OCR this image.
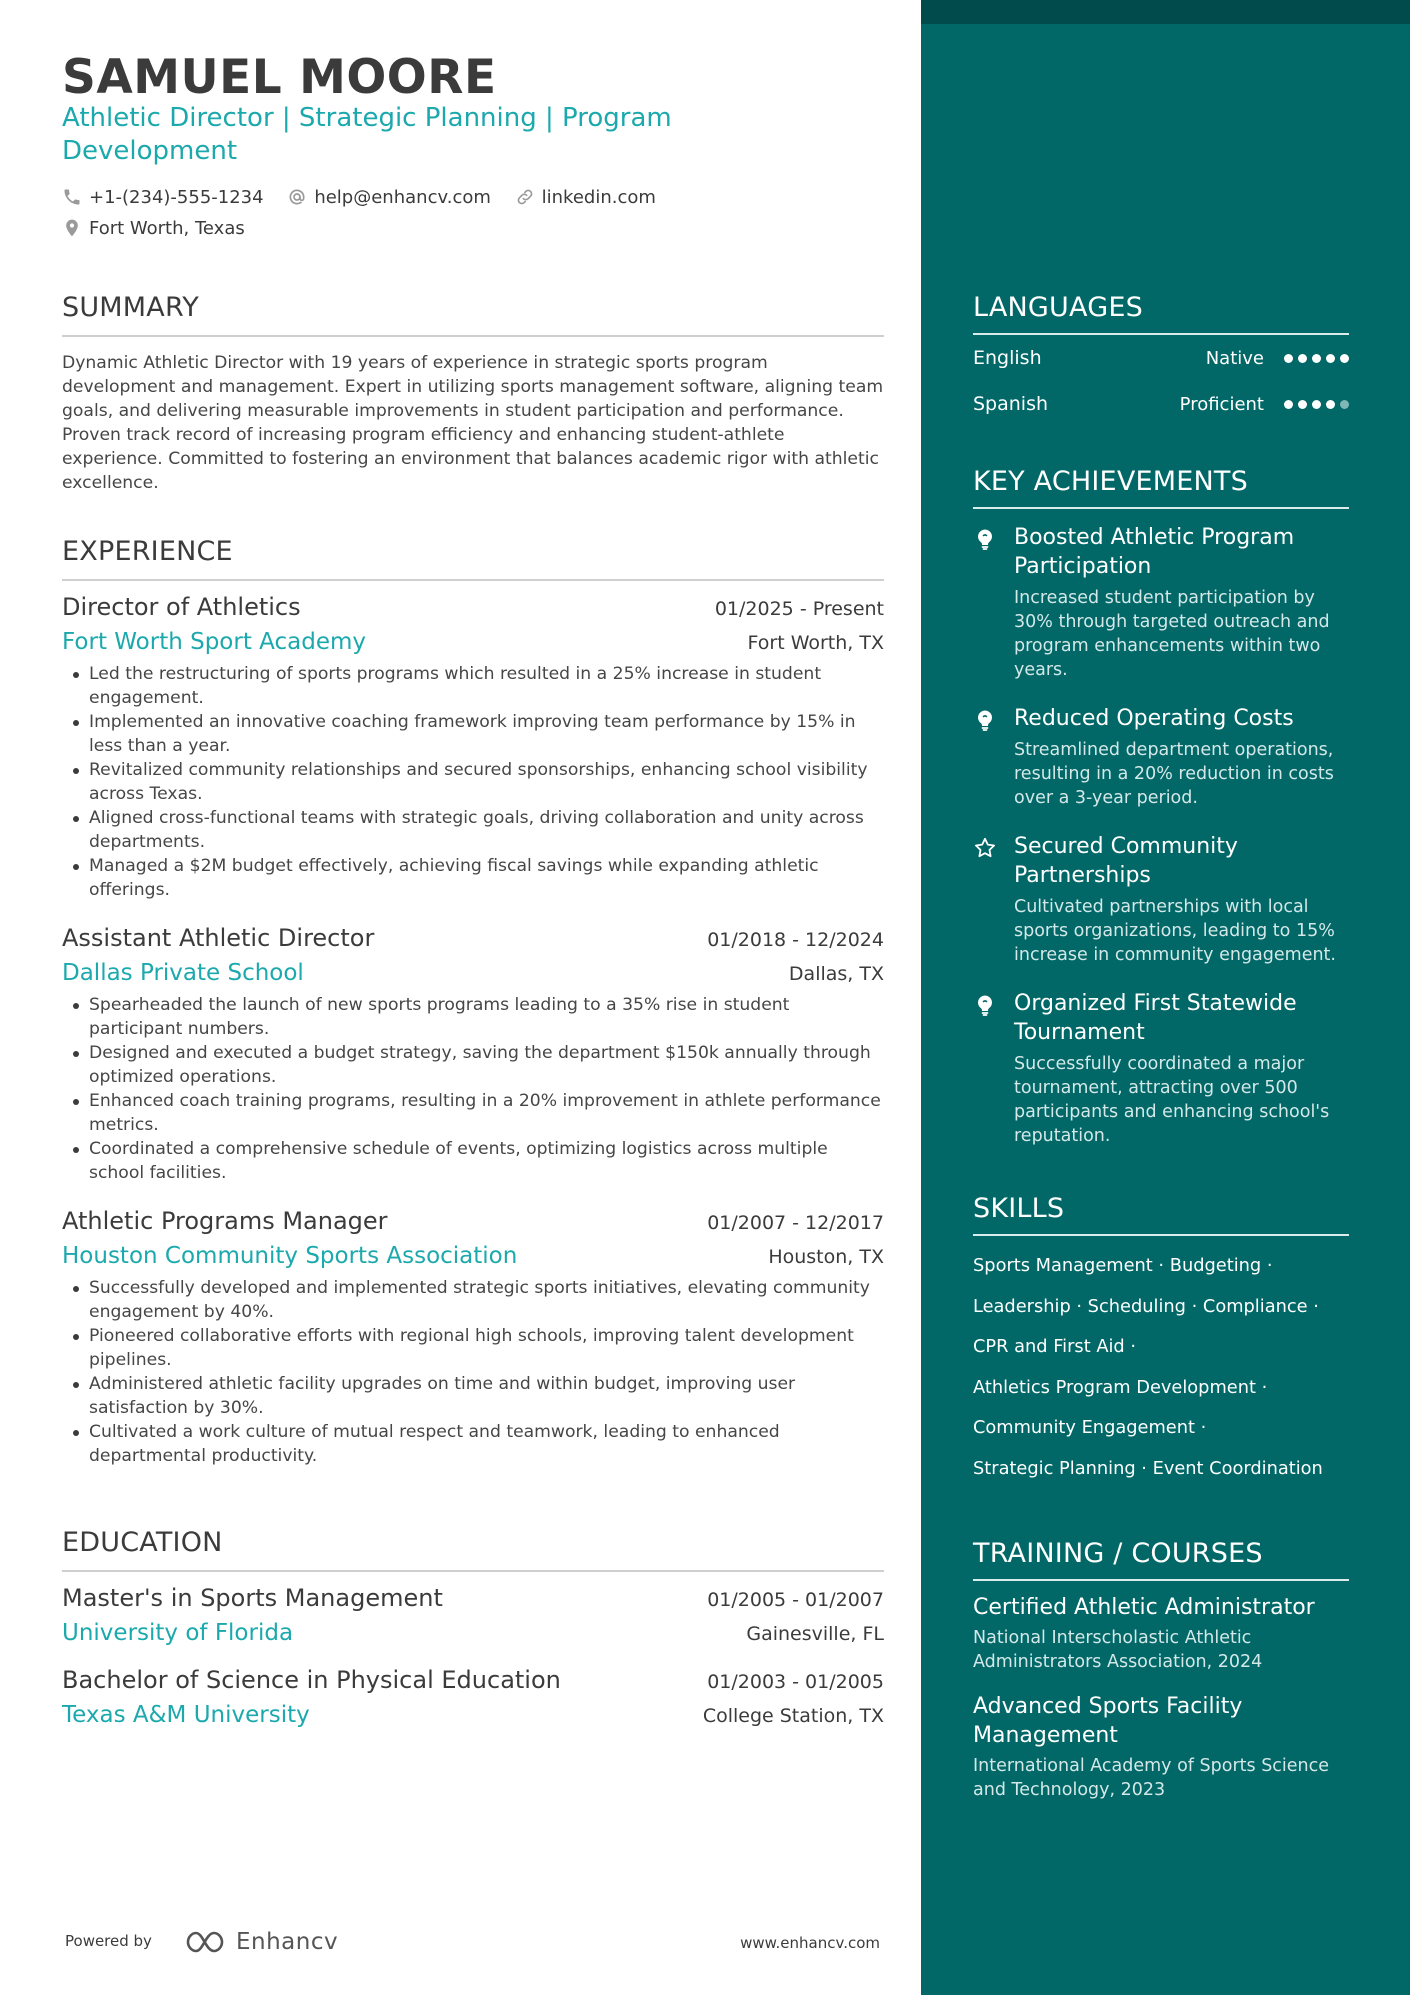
SAMUEL MOORE
Athletic Director | Strategic Planning | Program Development
+1-(234)-555-1234
	help@enhancv.com
	linkedin.com
Fort Worth, Texas
SUMMARY

Dynamic Athletic Director with 19 years of experience in strategic sports program development and management. Expert in utilizing sports management software, aligning team goals, and delivering measurable improvements in student participation and performance. Proven track record of increasing program efficiency and enhancing student-athlete experience. Committed to fostering an environment that balances academic rigor with athletic excellence.

EXPERIENCE
Director of Athletics	01/2025 - Present
Fort Worth Sport Academy	Fort Worth, TX
Led the restructuring of sports programs which resulted in a 25% increase in student engagement.
Implemented an innovative coaching framework improving team performance by 15% in less than a year.
Revitalized community relationships and secured sponsorships, enhancing school visibility across Texas.
Aligned cross-functional teams with strategic goals, driving collaboration and unity across departments.
Managed a $2M budget effectively, achieving fiscal savings while expanding athletic offerings.
Assistant Athletic Director	01/2018 - 12/2024
Dallas Private School	Dallas, TX
Spearheaded the launch of new sports programs leading to a 35% rise in student participant numbers.
Designed and executed a budget strategy, saving the department $150k annually through optimized operations.
Enhanced coach training programs, resulting in a 20% improvement in athlete performance metrics.
Coordinated a comprehensive schedule of events, optimizing logistics across multiple school facilities.
Athletic Programs Manager	01/2007 - 12/2017
Houston Community Sports Association	Houston, TX
Successfully developed and implemented strategic sports initiatives, elevating community engagement by 40%.
Pioneered collaborative efforts with regional high schools, improving talent development pipelines.
Administered athletic facility upgrades on time and within budget, improving user satisfaction by 30%.
Cultivated a work culture of mutual respect and teamwork, leading to enhanced departmental productivity.
EDUCATION
Master's in Sports Management	01/2005 - 01/2007
University of Florida	Gainesville, FL
Bachelor of Science in Physical Education	01/2003 - 01/2005
Texas A&M University	College Station, TX
Powered by	Enhancv	www.enhancv.com
LANGUAGES
English	Native
Spanish	Proficient
KEY ACHIEVEMENTS
Boosted Athletic Program Participation
Increased student participation by 30% through targeted outreach and program enhancements within two years.
Reduced Operating Costs
Streamlined department operations, resulting in a 20% reduction in costs over a 3-year period.
Secured Community Partnerships
Cultivated partnerships with local sports organizations, leading to 15% increase in community engagement.
Organized First Statewide Tournament
Successfully coordinated a major tournament, attracting over 500 participants and enhancing school's reputation.
SKILLS
Sports Management · Budgeting ·
Leadership · Scheduling · Compliance ·
CPR and First Aid ·
Athletics Program Development ·
Community Engagement ·
Strategic Planning · Event Coordination
TRAINING / COURSES
Certified Athletic Administrator
National Interscholastic Athletic Administrators Association, 2024
Advanced Sports Facility Management
International Academy of Sports Science and Technology, 2023
